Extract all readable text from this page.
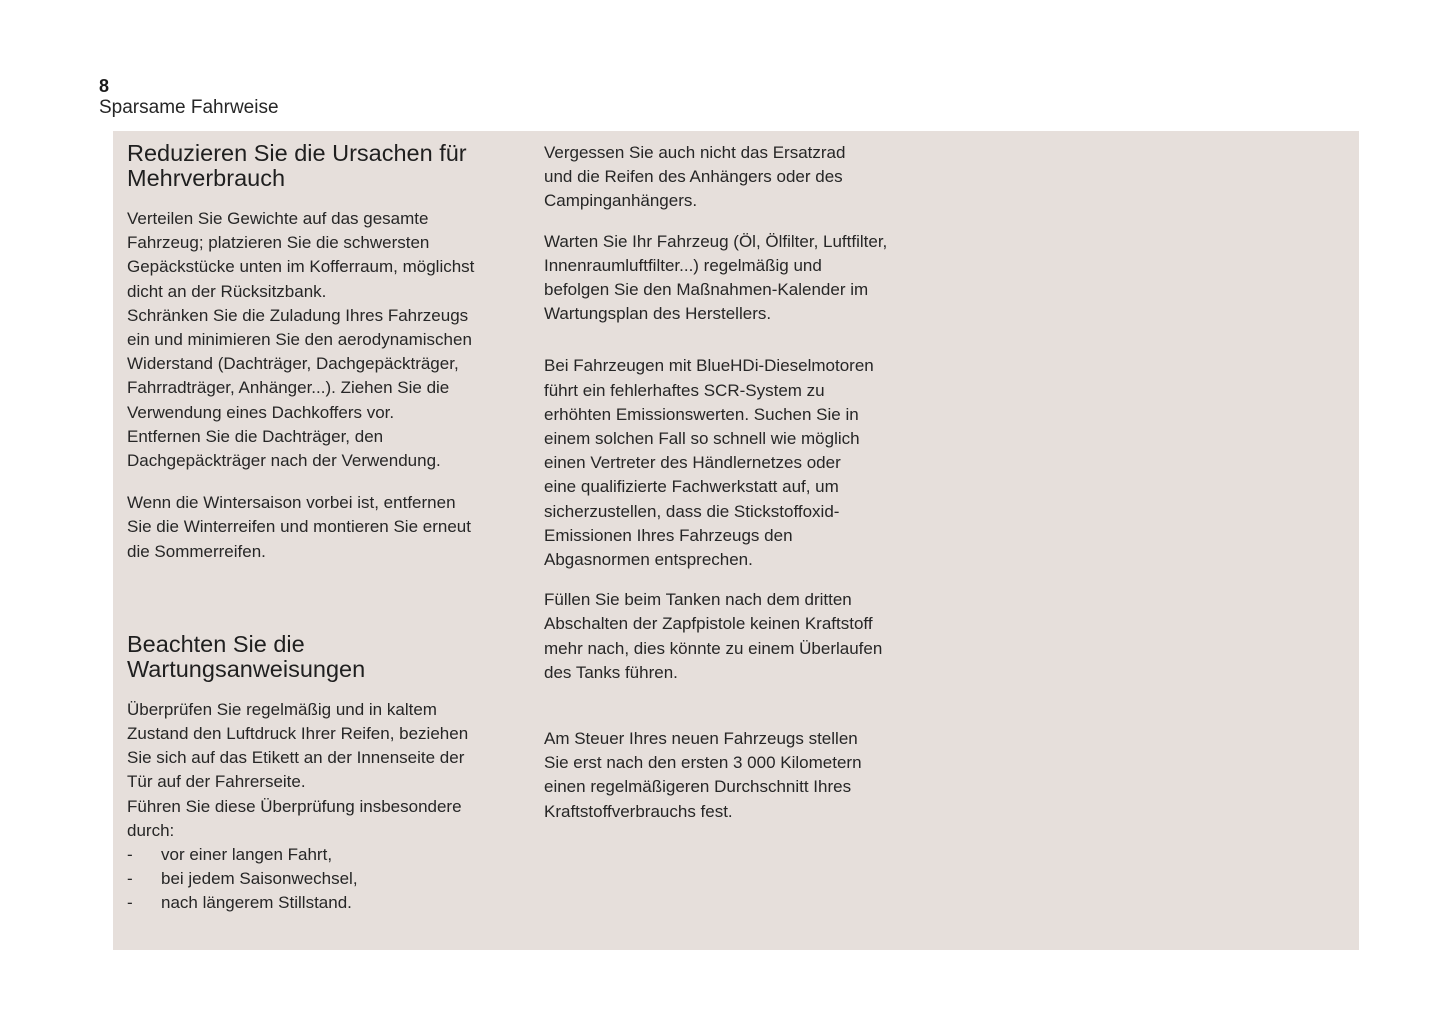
8
Sparsame Fahrweise
Reduzieren Sie die Ursachen für Mehrverbrauch

Verteilen Sie Gewichte auf das gesamte
Fahrzeug; platzieren Sie die schwersten
Gepäckstücke unten im Kofferraum, möglichst
dicht an der Rücksitzbank.
Schränken Sie die Zuladung Ihres Fahrzeugs
ein und minimieren Sie den aerodynamischen
Widerstand (Dachträger, Dachgepäckträger,
Fahrradträger, Anhänger...). Ziehen Sie die
Verwendung eines Dachkoffers vor.
Entfernen Sie die Dachträger, den
Dachgepäckträger nach der Verwendung.

Wenn die Wintersaison vorbei ist, entfernen
Sie die Winterreifen und montieren Sie erneut
die Sommerreifen.

Beachten Sie die Wartungsanweisungen

Überprüfen Sie regelmäßig und in kaltem
Zustand den Luftdruck Ihrer Reifen, beziehen
Sie sich auf das Etikett an der Innenseite der
Tür auf der Fahrerseite.
Führen Sie diese Überprüfung insbesondere
durch:

- vor einer langen Fahrt,
- bei jedem Saisonwechsel,
- nach längerem Stillstand.

Vergessen Sie auch nicht das Ersatzrad
und die Reifen des Anhängers oder des
Campinganhängers.

Warten Sie Ihr Fahrzeug (Öl, Ölfilter, Luftfilter,
Innenraumluftfilter...) regelmäßig und
befolgen Sie den Maßnahmen-Kalender im
Wartungsplan des Herstellers.

Bei Fahrzeugen mit BlueHDi-Dieselmotoren
führt ein fehlerhaftes SCR-System zu
erhöhten Emissionswerten. Suchen Sie in
einem solchen Fall so schnell wie möglich
einen Vertreter des Händlernetzes oder
eine qualifizierte Fachwerkstatt auf, um
sicherzustellen, dass die Stickstoffoxid-
Emissionen Ihres Fahrzeugs den
Abgasnormen entsprechen.

Füllen Sie beim Tanken nach dem dritten
Abschalten der Zapfpistole keinen Kraftstoff
mehr nach, dies könnte zu einem Überlaufen
des Tanks führen.

Am Steuer Ihres neuen Fahrzeugs stellen
Sie erst nach den ersten 3 000 Kilometern
einen regelmäßigeren Durchschnitt Ihres
Kraftstoffverbrauchs fest.
